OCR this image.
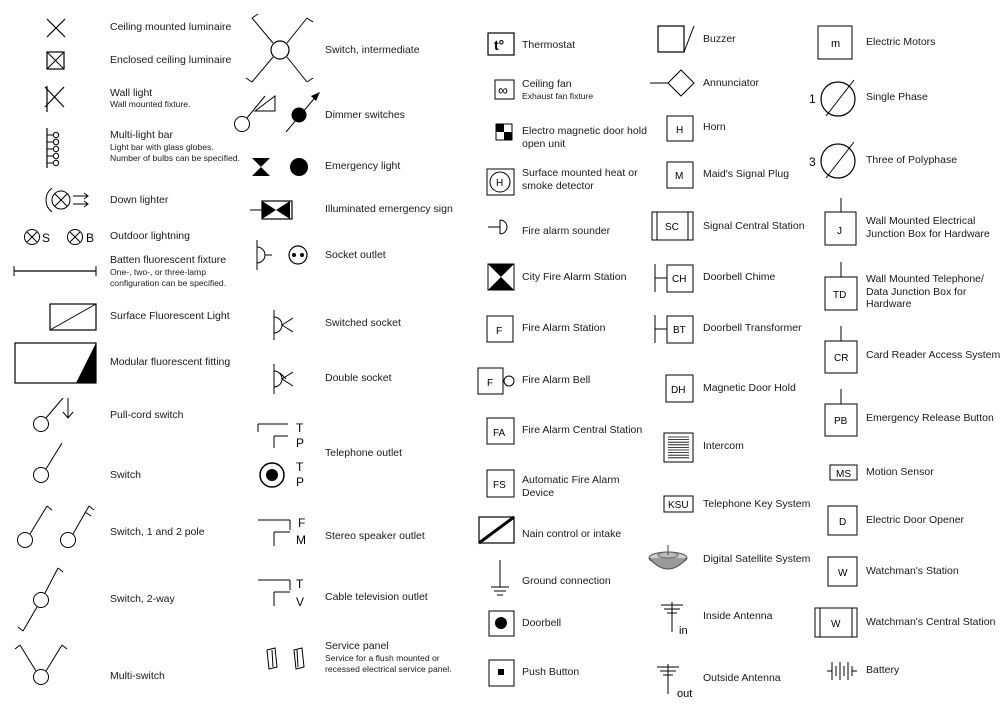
Ceiling mounted luminaire
Enclosed ceiling luminaire
Wall light
Wall mounted fixture.
Multi-light bar
Light bar with glass globes.
Number of bulbs can be specified.
Down lighter
S	B Outdoor lightning
Batten fluorescent fixture
One-, two-, or three-lamp
configuration can be specified.
Surface Fluorescent Light
Modular fluorescent fitting
Pull-cord switch
Switch
Switch, 1 and 2 pole
Switch, 2-way
Multi-switch
Switch, intermediate
Dimmer switches
Emergency light
Illuminated emergency sign
Socket outlet
Switched socket
Double socket
T
P
T
P
Telephone outlet
F
M Stereo speaker outlet
T
V Cable television outlet
Service panel
Service for a flush mounted or
recessed electrical service panel.
t° Thermostat
∞ Ceiling fan
Exhaust fan fixture
Electro magnetic door hold
open unit
H
Surface mounted heat or
smoke detector
Fire alarm sounder
City Fire Alarm Station
F Fire Alarm Station
F	Fire Alarm Bell
FA Fire Alarm Central Station
FS Automatic Fire Alarm
Device
Nain control or intake
Ground connection
Doorbell
Push Button
Buzzer
Annunciator
H Horn
M Maid's Signal Plug
SC Signal Central Station
CH Doorbell Chime
BT Doorbell Transformer
DH Magnetic Door Hold
Intercom
KSU Telephone Key System
Digital Satellite System
in
Inside Antenna
out
Outside Antenna
m Electric Motors
1	Single Phase
3	Three of Polyphase
J
Wall Mounted Electrical
Junction Box for Hardware
TD
Wall Mounted Telephone/
Data Junction Box for
Hardware
CR Card Reader Access System
PB Emergency Release Button
MS Motion Sensor
D Electric Door Opener
W Watchman's Station
W Watchman's Central Station
Battery
